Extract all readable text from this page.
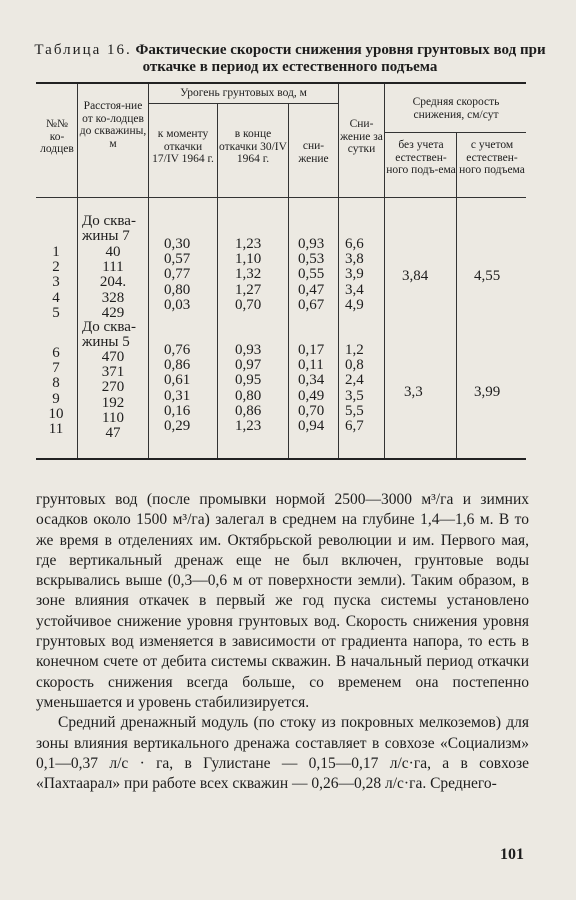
Таблица 16. Фактические скорости снижения уровня грунтовых вод при откачке в период их естественного подъема
№№ ко-лодцев
Расстоя-ние от ко-лодцев до скважины, м
Урогень грунтовых вод, м
к моменту откачки 17/IV 1964 г.
в конце откачки 30/IV 1964 г.
сни-жение
Сни-жение за сутки
Средняя скорость снижения, см/сут
без учета естествен-ного подъ-ема
с учетом естествен-ного подъема
1
2
3
4
5
До сква-
жины 7
40
111
204.
328
429
0,30
0,57
0,77
0,80
0,03
1,23
1,10
1,32
1,27
0,70
0,93
0,53
0,55
0,47
0,67
6,6
3,8
3,9
3,4
4,9
3,84	4,55
До сква-
жины 5
6
7
8
9
10
11
470
371
270
192
110
47
0,76
0,86
0,61
0,31
0,16
0,29
0,93
0,97
0,95
0,80
0,86
1,23
0,17
0,11
0,34
0,49
0,70
0,94
1,2
0,8
2,4
3,5
5,5
6,7
3,3	3,99

грунтовых вод (после промывки нормой 2500—3000 м³/га и зимних осадков около 1500 м³/га) залегал в среднем на глубине 1,4—1,6 м. В то же время в отделениях им. Октябрьской революции и им. Первого мая, где вертикальный дренаж еще не был включен, грунтовые воды вскрывались выше (0,3—0,6 м от поверхности земли). Таким образом, в зоне влияния откачек в первый же год пуска системы установлено устойчивое снижение уровня грунтовых вод. Скорость снижения уровня грунтовых вод изменяется в зависимости от градиента напора, то есть в конечном счете от дебита системы скважин. В начальный период откачки скорость снижения всегда больше, со временем она постепенно уменьшается и уровень стабилизируется.

Средний дренажный модуль (по стоку из покровных мелкоземов) для зоны влияния вертикального дренажа составляет в совхозе «Социализм» 0,1—0,37 л/с · га, в Гулистане — 0,15—0,17 л/с·га, а в совхозе «Пахтаарал» при работе всех скважин — 0,26—0,28 л/с·га. Среднего-

101
